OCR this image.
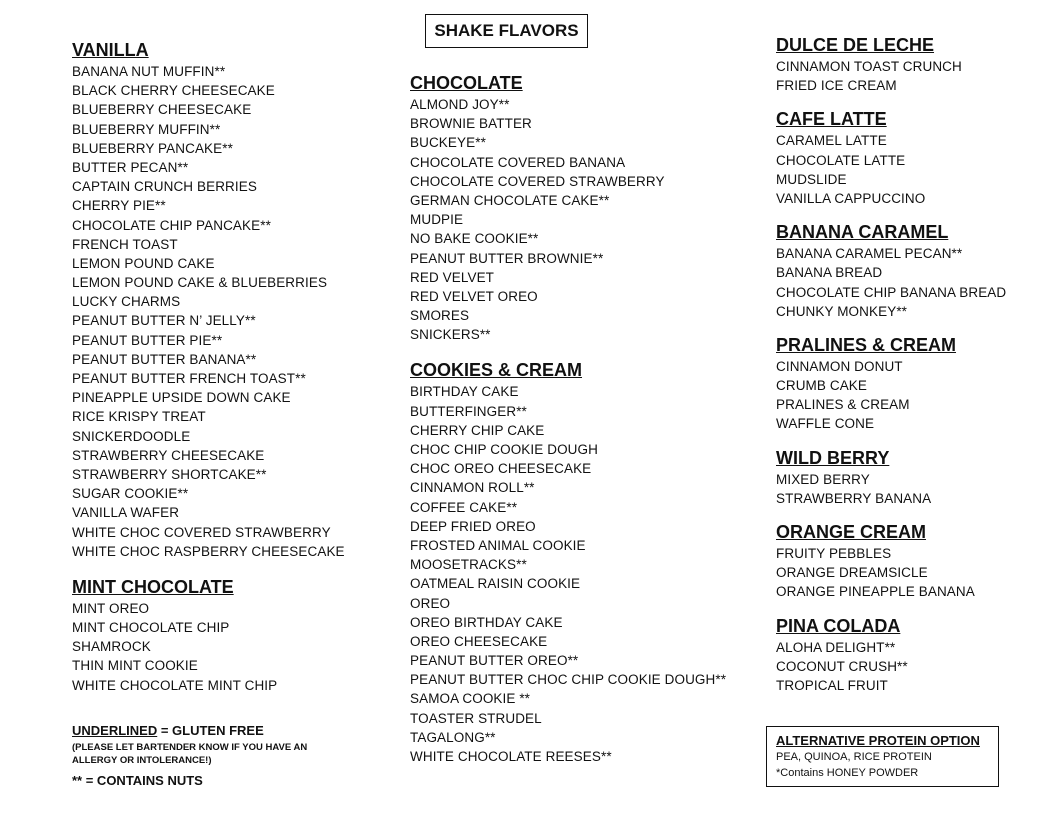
SHAKE FLAVORS
VANILLA
BANANA NUT MUFFIN**
BLACK CHERRY CHEESECAKE
BLUEBERRY CHEESECAKE
BLUEBERRY MUFFIN**
BLUEBERRY PANCAKE**
BUTTER PECAN**
CAPTAIN CRUNCH BERRIES
CHERRY PIE**
CHOCOLATE CHIP PANCAKE**
FRENCH TOAST
LEMON POUND CAKE
LEMON POUND CAKE & BLUEBERRIES
LUCKY CHARMS
PEANUT BUTTER N’ JELLY**
PEANUT BUTTER PIE**
PEANUT BUTTER BANANA**
PEANUT BUTTER FRENCH TOAST**
PINEAPPLE UPSIDE DOWN CAKE
RICE KRISPY TREAT
SNICKERDOODLE
STRAWBERRY CHEESECAKE
STRAWBERRY SHORTCAKE**
SUGAR COOKIE**
VANILLA WAFER
WHITE CHOC COVERED STRAWBERRY
WHITE CHOC RASPBERRY CHEESECAKE
MINT CHOCOLATE
MINT OREO
MINT CHOCOLATE CHIP
SHAMROCK
THIN MINT COOKIE
WHITE CHOCOLATE MINT CHIP
CHOCOLATE
ALMOND JOY**
BROWNIE BATTER
BUCKEYE**
CHOCOLATE COVERED BANANA
CHOCOLATE COVERED STRAWBERRY
GERMAN CHOCOLATE CAKE**
MUDPIE
NO BAKE COOKIE**
PEANUT BUTTER BROWNIE**
RED VELVET
RED VELVET OREO
SMORES
SNICKERS**
COOKIES & CREAM
BIRTHDAY CAKE
BUTTERFINGER**
CHERRY CHIP CAKE
CHOC CHIP COOKIE DOUGH
CHOC OREO CHEESECAKE
CINNAMON ROLL**
COFFEE CAKE**
DEEP FRIED OREO
FROSTED ANIMAL COOKIE
MOOSETRACKS**
OATMEAL RAISIN COOKIE
OREO
OREO BIRTHDAY CAKE
OREO CHEESECAKE
PEANUT BUTTER OREO**
PEANUT BUTTER CHOC CHIP COOKIE DOUGH**
SAMOA COOKIE **
TOASTER STRUDEL
TAGALONG**
WHITE CHOCOLATE REESES**
DULCE DE LECHE
CINNAMON TOAST CRUNCH
FRIED ICE CREAM
CAFE LATTE
CARAMEL LATTE
CHOCOLATE LATTE
MUDSLIDE
VANILLA CAPPUCCINO
BANANA CARAMEL
BANANA CARAMEL PECAN**
BANANA BREAD
CHOCOLATE CHIP BANANA BREAD
CHUNKY MONKEY**
PRALINES & CREAM
CINNAMON DONUT
CRUMB CAKE
PRALINES & CREAM
WAFFLE CONE
WILD BERRY
MIXED BERRY
STRAWBERRY BANANA
ORANGE CREAM
FRUITY PEBBLES
ORANGE DREAMSICLE
ORANGE PINEAPPLE BANANA
PINA COLADA
ALOHA DELIGHT**
COCONUT CRUSH**
TROPICAL FRUIT
UNDERLINED = GLUTEN FREE
(PLEASE LET BARTENDER KNOW IF YOU HAVE AN ALLERGY OR INTOLERANCE!)
** = CONTAINS NUTS
ALTERNATIVE PROTEIN OPTION
PEA, QUINOA, RICE PROTEIN
*Contains HONEY POWDER
